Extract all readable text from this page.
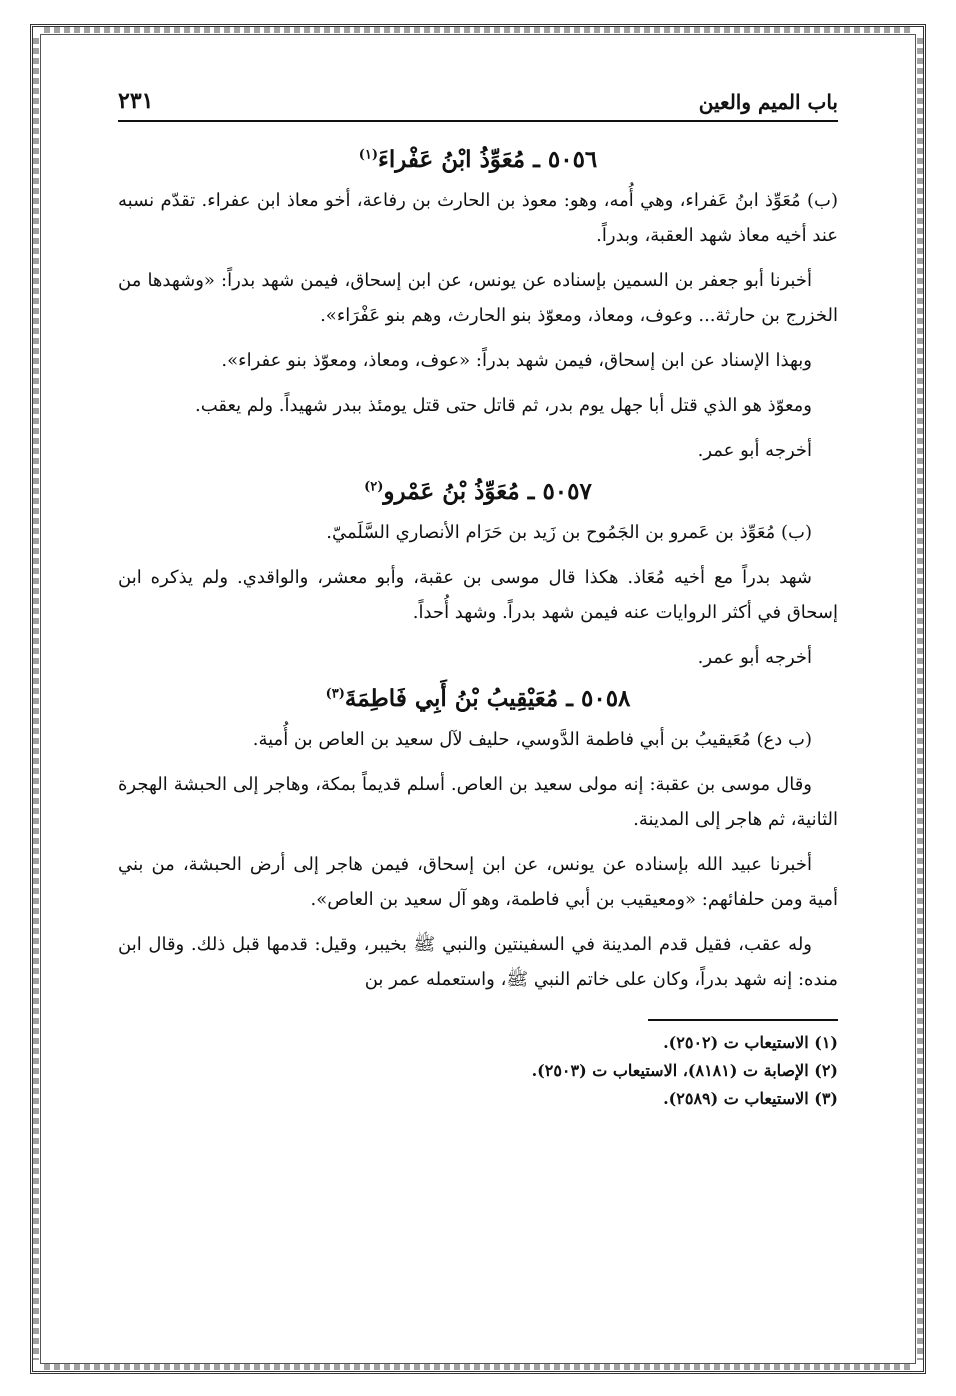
باب الميم والعين
٢٣١
٥٠٥٦ ـ مُعَوِّذُ ابْنُ عَفْراءَ$^{(١)}$

(ب) مُعَوِّذ ابنُ عَفراء، وهي أُمه، وهو: معوذ بن الحارث بن رفاعة، أخو معاذ ابن عفراء. تقدّم نسبه عند أخيه معاذ شهد العقبة، وبدراً.

أخبرنا أبو جعفر بن السمين بإسناده عن يونس، عن ابن إسحاق، فيمن شهد بدراً: «وشهدها من الخزرج بن حارثة... وعوف، ومعاذ، ومعوّذ بنو الحارث، وهم بنو عَفْرَاء».

وبهذا الإسناد عن ابن إسحاق، فيمن شهد بدراً: «عوف، ومعاذ، ومعوّذ بنو عفراء».

ومعوّذ هو الذي قتل أبا جهل يوم بدر، ثم قاتل حتى قتل يومئذ ببدر شهيداً. ولم يعقب.

أخرجه أبو عمر.

٥٠٥٧ ـ مُعَوِّذُ بْنُ عَمْرو$^{(٢)}$

(ب) مُعَوِّذ بن عَمرو بن الجَمُوح بن زَيد بن حَرَام الأنصاري السَّلَميّ.

شهد بدراً مع أخيه مُعَاذ. هكذا قال موسى بن عقبة، وأبو معشر، والواقدي. ولم يذكره ابن إسحاق في أكثر الروايات عنه فيمن شهد بدراً. وشهد أُحداً.

أخرجه أبو عمر.

٥٠٥٨ ـ مُعَيْقِيبُ بْنُ أَبِي فَاطِمَةَ$^{(٣)}$

(ب دع) مُعَيقيبُ بن أبي فاطمة الدَّوسي، حليف لآل سعيد بن العاص بن أُمية.

وقال موسى بن عقبة: إنه مولى سعيد بن العاص. أسلم قديماً بمكة، وهاجر إلى الحبشة الهجرة الثانية، ثم هاجر إلى المدينة.

أخبرنا عبيد الله بإسناده عن يونس، عن ابن إسحاق، فيمن هاجر إلى أرض الحبشة، من بني أمية ومن حلفائهم: «ومعيقيب بن أبي فاطمة، وهو آل سعيد بن العاص».

وله عقب، فقيل قدم المدينة في السفينتين والنبي ﷺ بخيبر، وقيل: قدمها قبل ذلك. وقال ابن منده: إنه شهد بدراً، وكان على خاتم النبي ﷺ، واستعمله عمر بن

(١) الاستيعاب ت (٢٥٠٢).
(٢) الإصابة ت (٨١٨١)، الاستيعاب ت (٢٥٠٣).
(٣) الاستيعاب ت (٢٥٨٩).
